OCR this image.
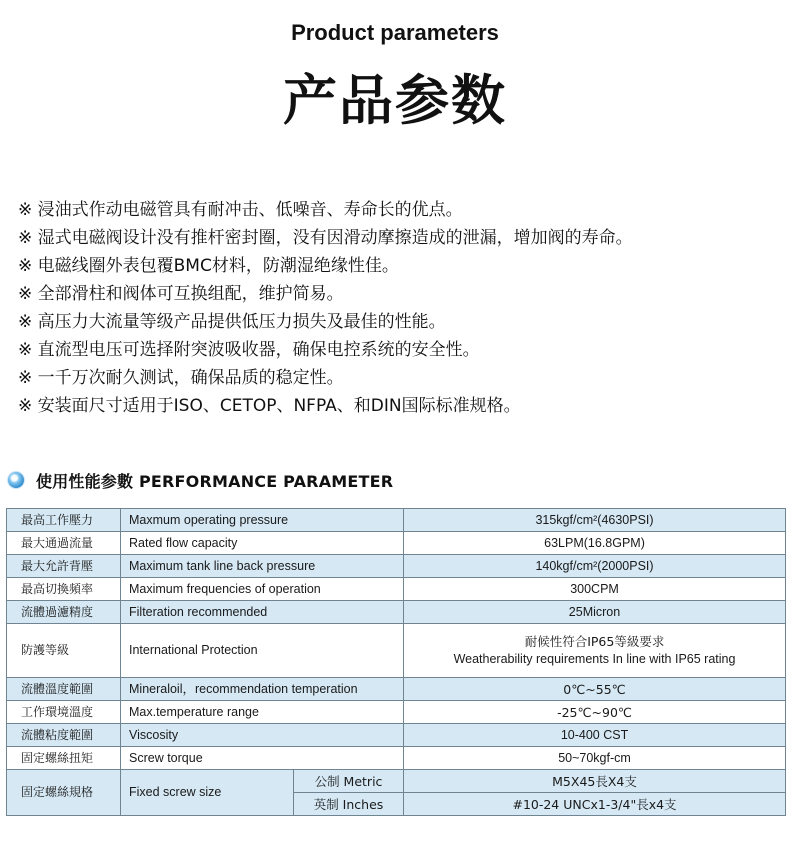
Product parameters
产品参数
※ 浸油式作动电磁管具有耐冲击、低噪音、寿命长的优点。
※ 湿式电磁阀设计没有推杆密封圈，没有因滑动摩擦造成的泄漏，增加阀的寿命。
※ 电磁线圈外表包覆BMC材料，防潮湿绝缘性佳。
※ 全部滑柱和阀体可互换组配，维护简易。
※ 高压力大流量等级产品提供低压力损失及最佳的性能。
※ 直流型电压可选择附突波吸收器，确保电控系统的安全性。
※ 一千万次耐久测试，确保品质的稳定性。
※ 安装面尺寸适用于ISO、CETOP、NFPA、和DIN国际标准规格。
使用性能参數 PERFORMANCE PARAMETER
最高工作壓力	Maxmum operating pressure		315kgf/cm²(4630PSI)
最大通過流量	Rated flow capacity		63LPM(16.8GPM)
最大允許背壓	Maximum tank line back pressure		140kgf/cm²(2000PSI)
最高切換頻率	Maximum frequencies of operation		300CPM
流體過濾精度	Filteration recommended		25Micron
防護等級	International Protection		耐候性符合IP65等級要求
Weatherability requirements In line with IP65 rating

流體溫度範圍	Mineraloil，recommendation temperation		0℃~55℃
工作環境溫度	Max.temperature range		-25℃~90℃
流體粘度範圍	Viscosity		10-400 CST
固定螺絲扭矩	Screw torque		50~70kgf-cm
固定螺絲規格	Fixed screw size	公制 Metric	M5X45長X4支
		英制 Inches	#10-24 UNCx1-3/4"長x4支
